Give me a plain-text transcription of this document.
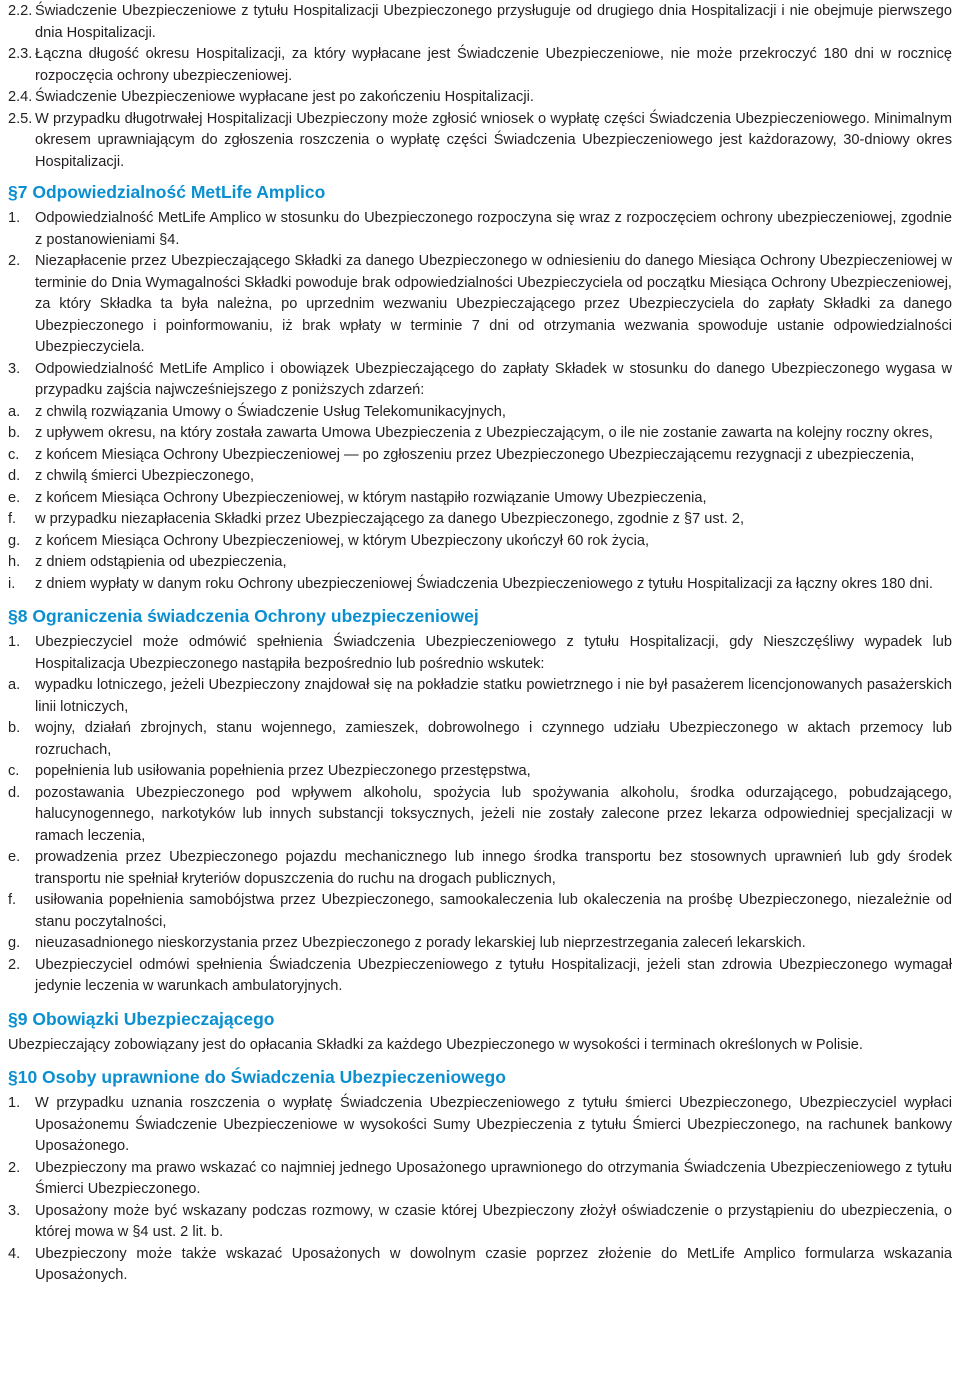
2.2. Świadczenie Ubezpieczeniowe z tytułu Hospitalizacji Ubezpieczonego przysługuje od drugiego dnia Hospitalizacji i nie obejmuje pierwszego dnia Hospitalizacji.
2.3. Łączna długość okresu Hospitalizacji, za który wypłacane jest Świadczenie Ubezpieczeniowe, nie może przekroczyć 180 dni w rocznicę rozpoczęcia ochrony ubezpieczeniowej.
2.4. Świadczenie Ubezpieczeniowe wypłacane jest po zakończeniu Hospitalizacji.
2.5. W przypadku długotrwałej Hospitalizacji Ubezpieczony może zgłosić wniosek o wypłatę części Świadczenia Ubezpieczeniowego. Minimalnym okresem uprawniającym do zgłoszenia roszczenia o wypłatę części Świadczenia Ubezpieczeniowego jest każdorazowy, 30-dniowy okres Hospitalizacji.
§7 Odpowiedzialność MetLife Amplico
1. Odpowiedzialność MetLife Amplico w stosunku do Ubezpieczonego rozpoczyna się wraz z rozpoczęciem ochrony ubezpieczeniowej, zgodnie z postanowieniami §4.
2. Niezapłacenie przez Ubezpieczającego Składki za danego Ubezpieczonego w odniesieniu do danego Miesiąca Ochrony Ubezpieczeniowej w terminie do Dnia Wymagalności Składki powoduje brak odpowiedzialności Ubezpieczyciela od początku Miesiąca Ochrony Ubezpieczeniowej, za który Składka ta była należna, po uprzednim wezwaniu Ubezpieczającego przez Ubezpieczyciela do zapłaty Składki za danego Ubezpieczonego i poinformowaniu, iż brak wpłaty w terminie 7 dni od otrzymania wezwania spowoduje ustanie odpowiedzialności Ubezpieczyciela.
3. Odpowiedzialność MetLife Amplico i obowiązek Ubezpieczającego do zapłaty Składek w stosunku do danego Ubezpieczonego wygasa w przypadku zajścia najwcześniejszego z poniższych zdarzeń:
a. z chwilą rozwiązania Umowy o Świadczenie Usług Telekomunikacyjnych,
b. z upływem okresu, na który została zawarta Umowa Ubezpieczenia z Ubezpieczającym, o ile nie zostanie zawarta na kolejny roczny okres,
c. z końcem Miesiąca Ochrony Ubezpieczeniowej — po zgłoszeniu przez Ubezpieczonego Ubezpieczającemu rezygnacji z ubezpieczenia,
d. z chwilą śmierci Ubezpieczonego,
e. z końcem Miesiąca Ochrony Ubezpieczeniowej, w którym nastąpiło rozwiązanie Umowy Ubezpieczenia,
f. w przypadku niezapłacenia Składki przez Ubezpieczającego za danego Ubezpieczonego, zgodnie z §7 ust. 2,
g. z końcem Miesiąca Ochrony Ubezpieczeniowej, w którym Ubezpieczony ukończył 60 rok życia,
h. z dniem odstąpienia od ubezpieczenia,
i. z dniem wypłaty w danym roku Ochrony ubezpieczeniowej Świadczenia Ubezpieczeniowego z tytułu Hospitalizacji za łączny okres 180 dni.
§8 Ograniczenia świadczenia Ochrony ubezpieczeniowej
1. Ubezpieczyciel może odmówić spełnienia Świadczenia Ubezpieczeniowego z tytułu Hospitalizacji, gdy Nieszczęśliwy wypadek lub Hospitalizacja Ubezpieczonego nastąpiła bezpośrednio lub pośrednio wskutek:
a. wypadku lotniczego, jeżeli Ubezpieczony znajdował się na pokładzie statku powietrznego i nie był pasażerem licencjonowanych pasażerskich linii lotniczych,
b. wojny, działań zbrojnych, stanu wojennego, zamieszek, dobrowolnego i czynnego udziału Ubezpieczonego w aktach przemocy lub rozruchach,
c. popełnienia lub usiłowania popełnienia przez Ubezpieczonego przestępstwa,
d. pozostawania Ubezpieczonego pod wpływem alkoholu, spożycia lub spożywania alkoholu, środka odurzającego, pobudzającego, halucynogennego, narkotyków lub innych substancji toksycznych, jeżeli nie zostały zalecone przez lekarza odpowiedniej specjalizacji w ramach leczenia,
e. prowadzenia przez Ubezpieczonego pojazdu mechanicznego lub innego środka transportu bez stosownych uprawnień lub gdy środek transportu nie spełniał kryteriów dopuszczenia do ruchu na drogach publicznych,
f. usiłowania popełnienia samobójstwa przez Ubezpieczonego, samookaleczenia lub okaleczenia na prośbę Ubezpieczonego, niezależnie od stanu poczytalności,
g. nieuzasadnionego nieskorzystania przez Ubezpieczonego z porady lekarskiej lub nieprzestrzegania zaleceń lekarskich.
2. Ubezpieczyciel odmówi spełnienia Świadczenia Ubezpieczeniowego z tytułu Hospitalizacji, jeżeli stan zdrowia Ubezpieczonego wymagał jedynie leczenia w warunkach ambulatoryjnych.
§9 Obowiązki Ubezpieczającego
Ubezpieczający zobowiązany jest do opłacania Składki za każdego Ubezpieczonego w wysokości i terminach określonych w Polisie.
§10 Osoby uprawnione do Świadczenia Ubezpieczeniowego
1. W przypadku uznania roszczenia o wypłatę Świadczenia Ubezpieczeniowego z tytułu śmierci Ubezpieczonego, Ubezpieczyciel wypłaci Uposażonemu Świadczenie Ubezpieczeniowe w wysokości Sumy Ubezpieczenia z tytułu Śmierci Ubezpieczonego, na rachunek bankowy Uposażonego.
2. Ubezpieczony ma prawo wskazać co najmniej jednego Uposażonego uprawnionego do otrzymania Świadczenia Ubezpieczeniowego z tytułu Śmierci Ubezpieczonego.
3. Uposażony może być wskazany podczas rozmowy, w czasie której Ubezpieczony złożył oświadczenie o przystąpieniu do ubezpieczenia, o której mowa w §4 ust. 2 lit. b.
4. Ubezpieczony może także wskazać Uposażonych w dowolnym czasie poprzez złożenie do MetLife Amplico formularza wskazania Uposażonych.
